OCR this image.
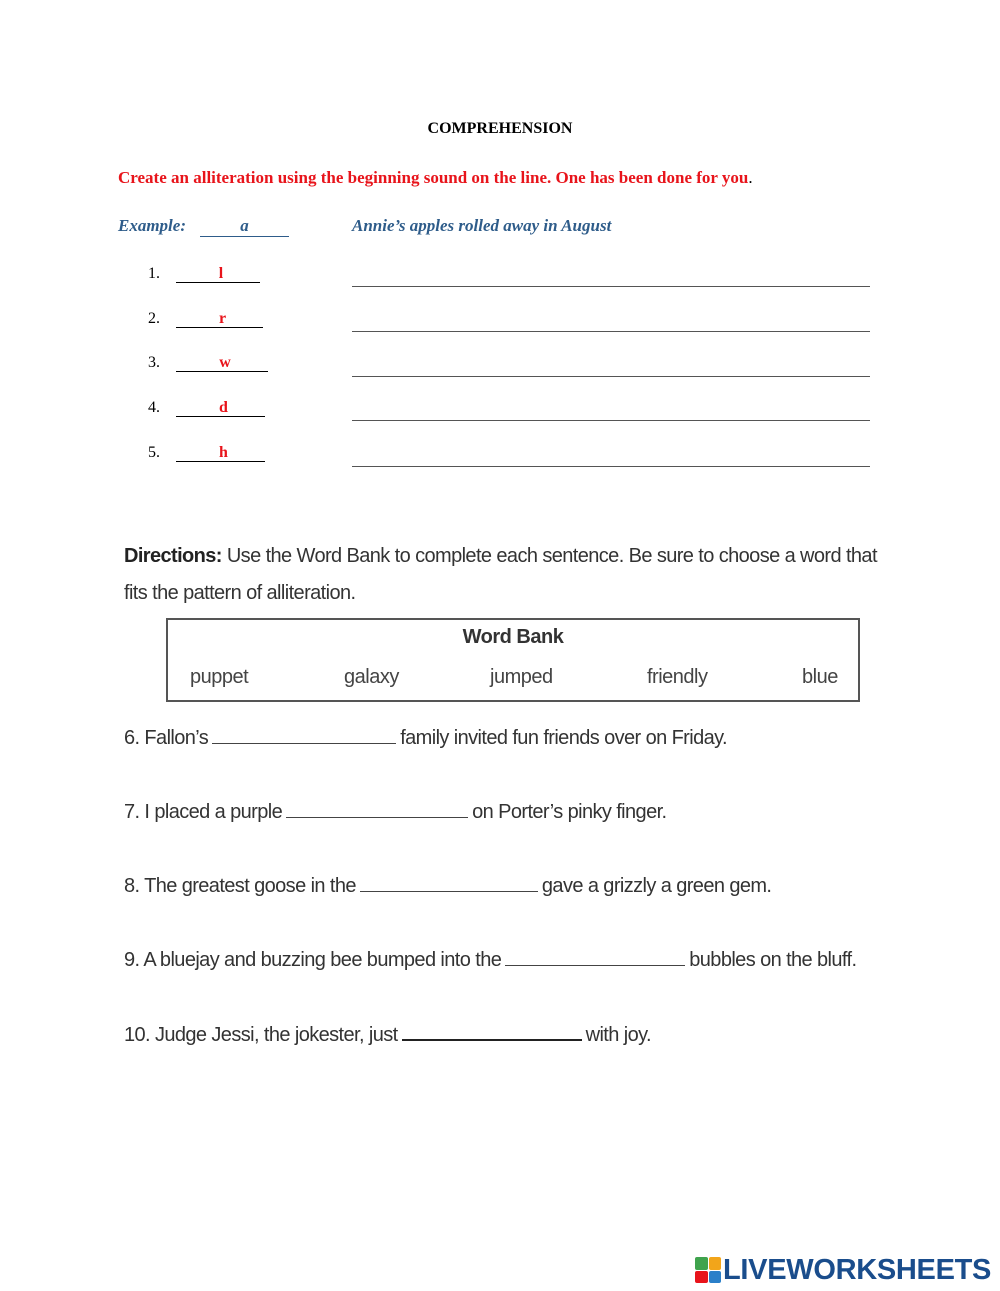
COMPREHENSION
Create an alliteration using the beginning sound on the line. One has been done for you.
Example:	a	Annie’s apples rolled away in August
1.	l
2.	r
3.	w
4.	d
5.	h
Directions: Use the Word Bank to complete each sentence. Be sure to choose a word that fits the pattern of alliteration.
Word Bank
puppet	galaxy	jumped	friendly	blue
6. Fallon’s	family invited fun friends over on Friday.
7. I placed a purple	on Porter’s pinky finger.
8. The greatest goose in the	gave a grizzly a green gem.
9. A bluejay and buzzing bee bumped into the	bubbles on the bluff.
10. Judge Jessi, the jokester, just	with joy.
LIVEWORKSHEETS
